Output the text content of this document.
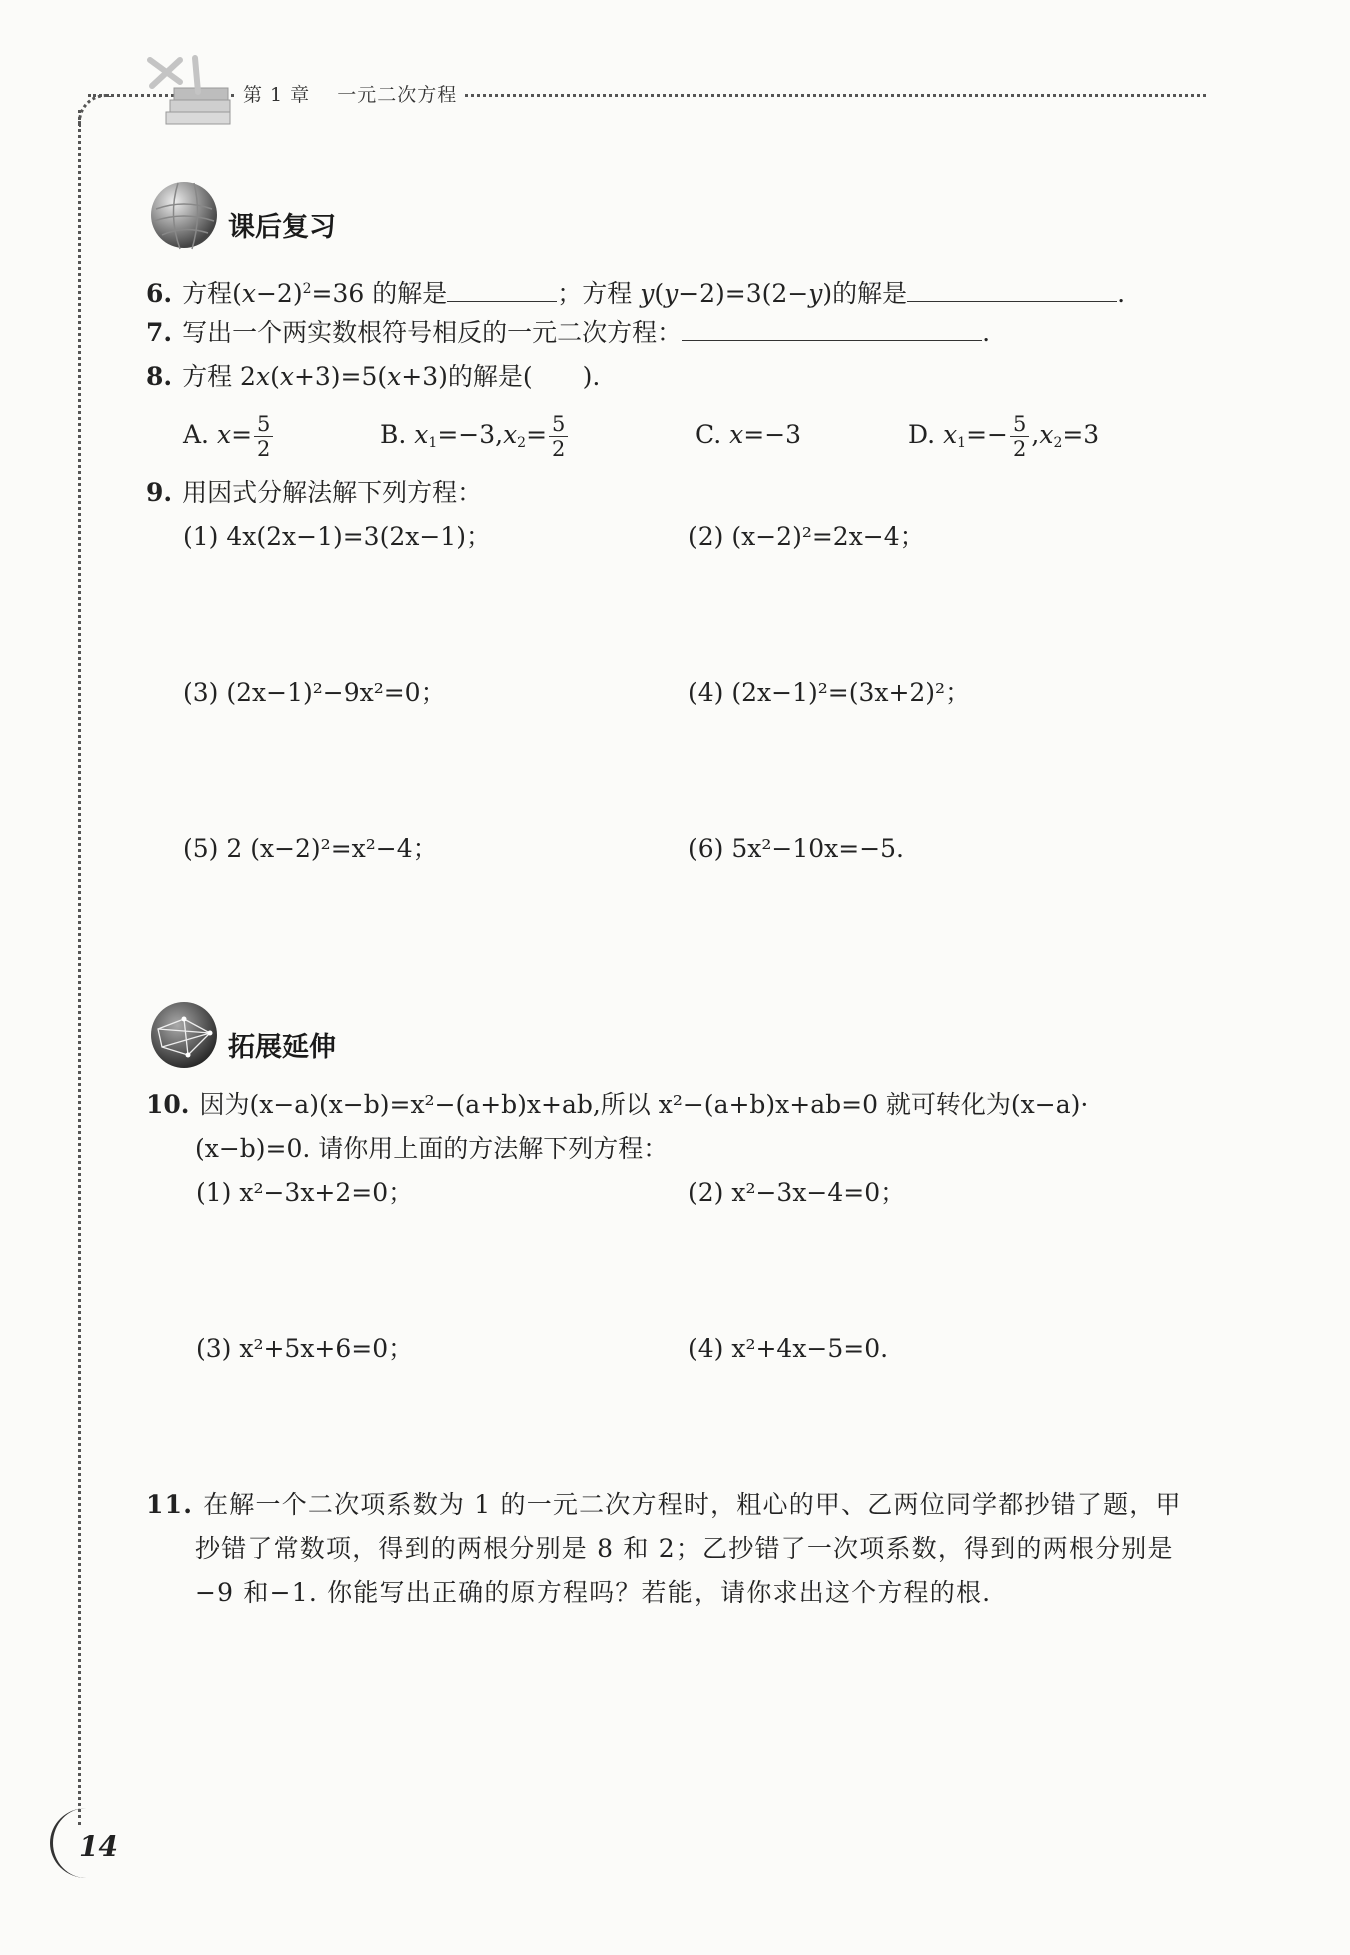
第 1 章　 一元二次方程
课后复习
6. 方程$(x-2)^2=36$ 的解是	；方程 y(y−2)=3(2−y)的解是	.
7. 写出一个两实数根符号相反的一元二次方程：	.
8. 方程 2x(x+3)=5(x+3)的解是(　　).
A. $x= \frac{5}{2}$	B. $x_1=-3,x_2= \frac{5}{2}$	C. x=−3	D. $x_1=- \frac{5}{2} ,x_2=3$
9. 用因式分解法解下列方程：
(1) 4x(2x−1)=3(2x−1)；	(2) (x−2)²=2x−4；
(3) (2x−1)²−9x²=0；	(4) (2x−1)²=(3x+2)²；
(5) 2 (x−2)²=x²−4；	(6) 5x²−10x=−5.
拓展延伸
10. 因为(x−a)(x−b)=x²−(a+b)x+ab,所以 x²−(a+b)x+ab=0 就可转化为(x−a)·
(x−b)=0. 请你用上面的方法解下列方程：
(1) x²−3x+2=0；	(2) x²−3x−4=0；
(3) x²+5x+6=0；	(4) x²+4x−5=0.
11. 在解一个二次项系数为 1 的一元二次方程时，粗心的甲、乙两位同学都抄错了题，甲
抄错了常数项，得到的两根分别是 8 和 2；乙抄错了一次项系数，得到的两根分别是
−9 和−1. 你能写出正确的原方程吗？若能，请你求出这个方程的根.
14
